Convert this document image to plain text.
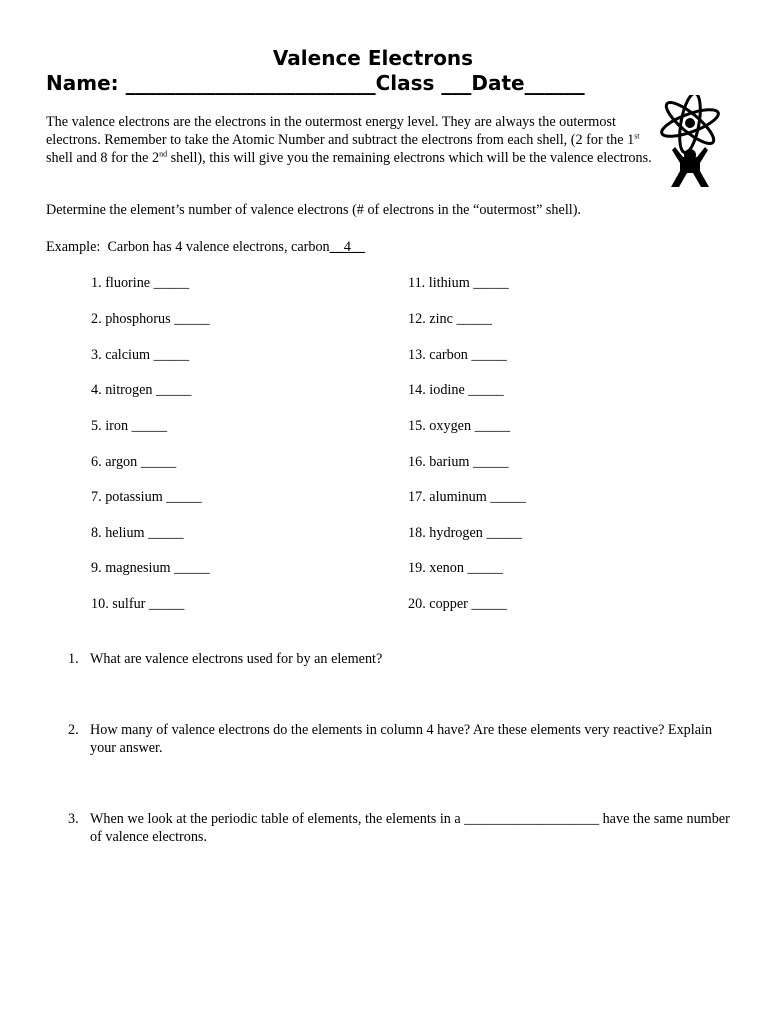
Valence Electrons
Name: _________________________Class ___Date______
The valence electrons are the electrons in the outermost energy level. They are always the outermost electrons. Remember to take the Atomic Number and subtract the electrons from each shell, (2 for the 1st shell and 8 for the 2nd shell), this will give you the remaining electrons which will be the valence electrons.
Determine the element’s number of valence electrons (# of electrons in the “outermost” shell).
Example:  Carbon has 4 valence electrons, carbon__4__
1. fluorine _____
2. phosphorus _____
3. calcium _____
4. nitrogen _____
5. iron _____
6. argon _____
7. potassium _____
8. helium _____
9. magnesium _____
10. sulfur _____
11. lithium _____
12. zinc _____
13. carbon _____
14. iodine _____
15. oxygen _____
16. barium _____
17. aluminum _____
18. hydrogen _____
19. xenon _____
20. copper _____
1. What are valence electrons used for by an element?
2. How many of valence electrons do the elements in column 4 have? Are these elements very reactive? Explain your answer.
3. When we look at the periodic table of elements, the elements in a ___________________ have the same number of valence electrons.
